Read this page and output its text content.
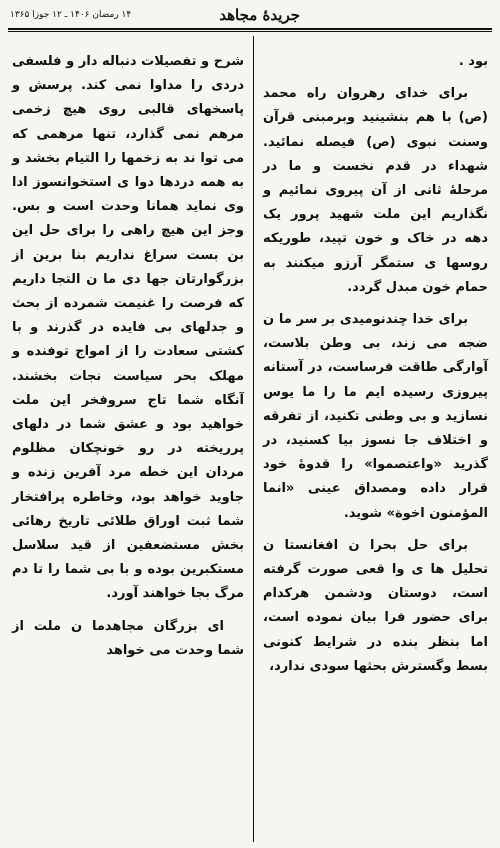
جریدهٔ مجاهد
۱۴ رمضان ۱۴۰۶ ـ ۱۲ جوزا ۱۳۶۵

بود .

برای خدای رهروان راه محمد (ص) با هم بنشینید وبرمبنی قرآن وسنت نبوی (ص) فیصله نمائید. شهداء در قدم نخست و ما در مرحلهٔ ثانی از آن پیروی نمائیم و نگذاریم این ملت شهید پرور یک دهه در خاک و خون تپید، طوریکه روسها ی ستمگر آرزو میکنند به حمام خون مبدل گردد.

برای خدا چندنومیدی بر سر ما ن ضجه می زند، بی وطن بلاست، آوارگی طاقت فرساست، در آستانه پیروزی رسیده ایم ما را ما یوس نسازید و بی وطنی تکنید، از تفرقه و اختلاف جا نسوز بیا کسنید، در گذرید «واعتصموا» را قدوهٔ خود قرار داده ومصداق عینی «انما المؤمنون اخوة» شوید.

برای حل بحرا ن افغانستا ن تحلیل ها ی وا قعی صورت گرفته است، دوستان ودشمن هرکدام برای حضور فرا بیان نموده است، اما بنظر بنده در شرایط کنونی بسط وگسترش بحثها سودی ندارد،

شرح و تفصیلات دنباله دار و فلسفی دردی را مداوا نمی کند. پرسش و پاسخهای قالبی روی هیچ زخمی مرهم نمی گذارد، تنها مرهمی که می توا ند به زخمها را التیام بخشد و به همه دردها دوا ی استخوانسوز ادا وی نماید همانا وحدت است و بس. وجز این هیچ راهی را برای حل این بن بست سراغ نداریم بنا برین از بزرگوارتان جها دی ما ن التجا داریم که فرصت را غنیمت شمرده از بحث و جدلهای بی فایده در گذرند و با کشتی سعادت را از امواج توفنده و مهلک بحر سیاست نجات بخشند. آنگاه شما تاج سروفخر این ملت خواهید بود و عشق شما در دلهای پرریخته در رو خونچکان مظلوم مردان این خطه مرد آفرین زنده و جاوید خواهد بود، وخاطره پرافتخار شما ثبت اوراق طلائی تاریخ رهائی بخش مستضعفین از قید سلاسل مستکبرین بوده و با بی شما را تا دم مرگ بجا خواهند آورد.

ای بزرگان مجاهدما ن ملت از شما وحدت می خواهد
